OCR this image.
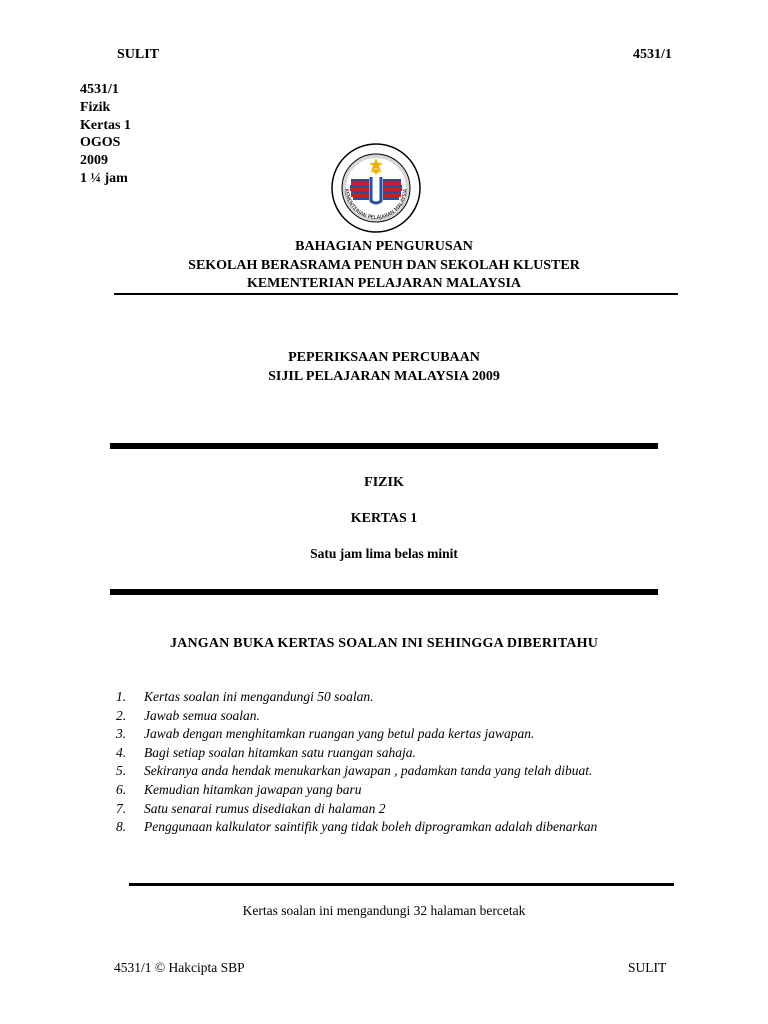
SULIT	4531/1
4531/1
Fizik
Kertas 1
OGOS
2009
1 ¼ jam
KEMENTERIAN PELAJARAN MALAYSIA
BAHAGIAN PENGURUSAN
SEKOLAH BERASRAMA PENUH DAN SEKOLAH KLUSTER
KEMENTERIAN PELAJARAN MALAYSIA
PEPERIKSAAN PERCUBAAN
SIJIL PELAJARAN MALAYSIA 2009
FIZIK
KERTAS 1
Satu jam lima belas minit
JANGAN BUKA KERTAS SOALAN INI SEHINGGA DIBERITAHU
1.	Kertas soalan ini mengandungi 50 soalan.
2.	Jawab semua soalan.
3.	Jawab dengan menghitamkan ruangan yang betul pada kertas jawapan.
4.	Bagi setiap soalan hitamkan satu ruangan sahaja.
5.	Sekiranya anda hendak menukarkan jawapan , padamkan tanda yang telah dibuat.
6.	Kemudian hitamkan jawapan yang baru
7.	Satu senarai rumus disediakan di halaman 2
8.	Penggunaan kalkulator saintifik yang tidak boleh diprogramkan adalah dibenarkan
Kertas soalan ini mengandungi 32 halaman bercetak
4531/1 © Hakcipta SBP	SULIT
